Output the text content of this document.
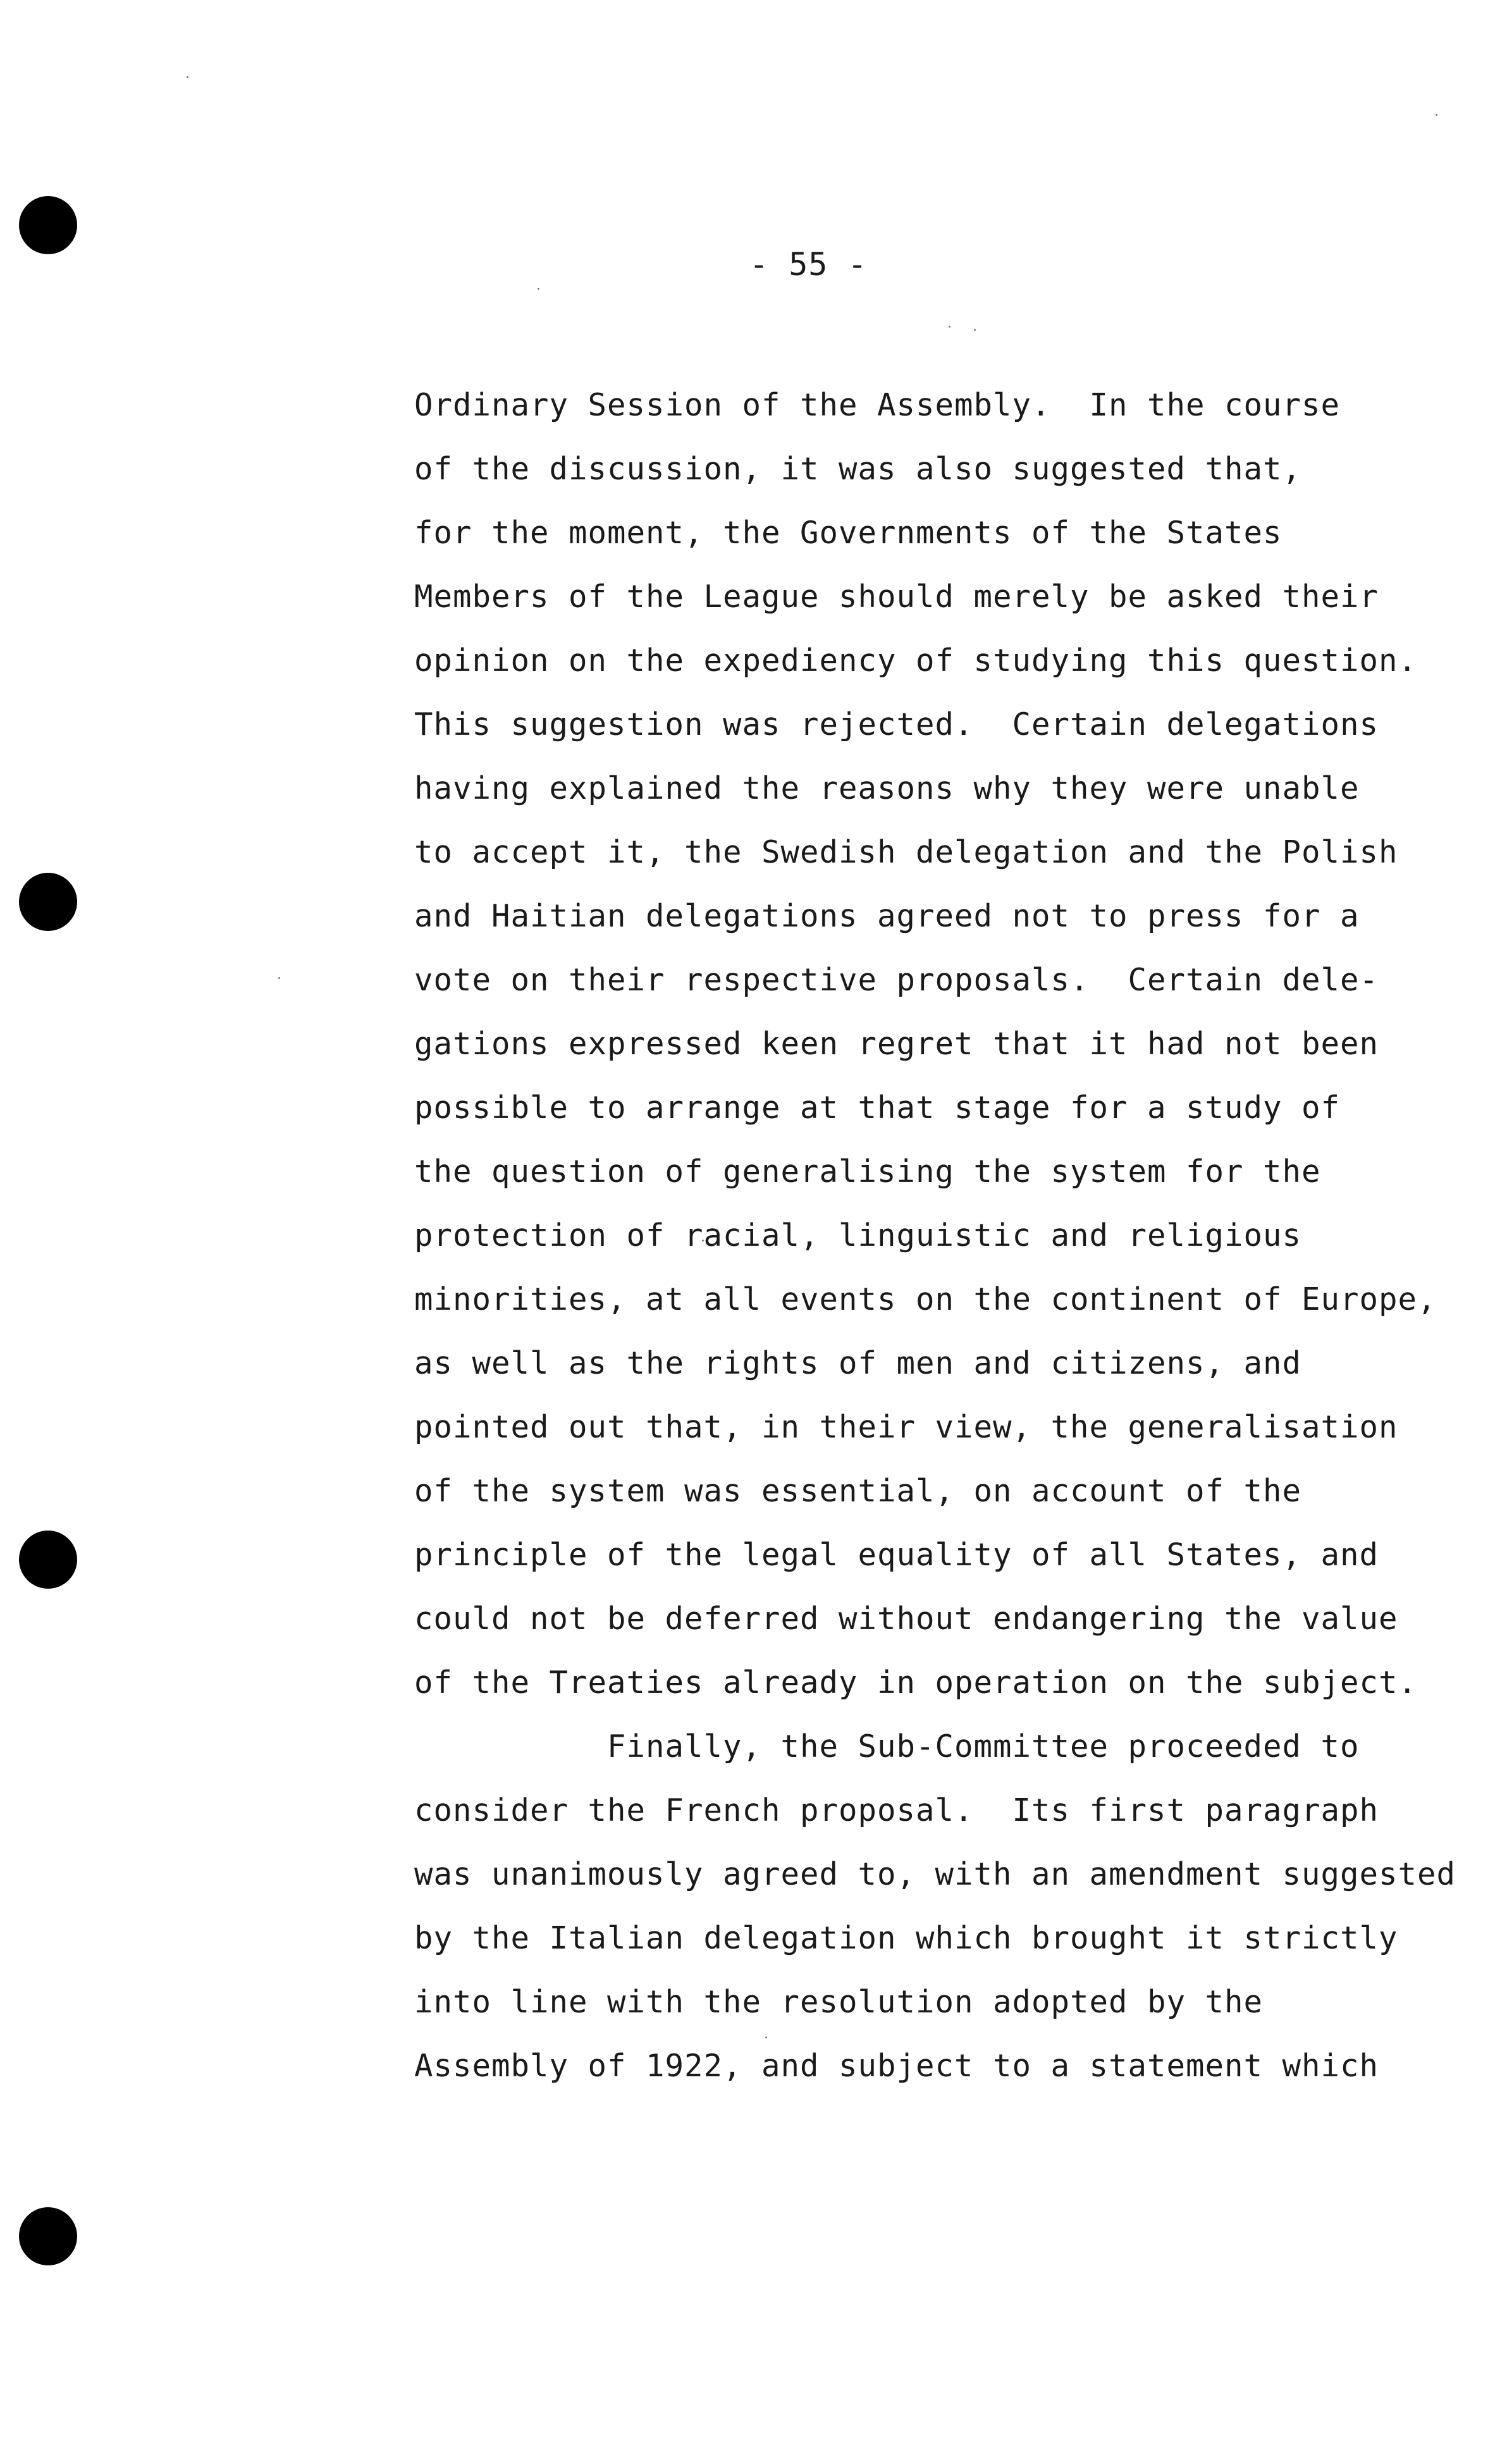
- 55 -
Ordinary Session of the Assembly.  In the course
of the discussion, it was also suggested that,
for the moment, the Governments of the States
Members of the League should merely be asked their
opinion on the expediency of studying this question.
This suggestion was rejected.  Certain delegations
having explained the reasons why they were unable
to accept it, the Swedish delegation and the Polish
and Haitian delegations agreed not to press for a
vote on their respective proposals.  Certain dele-
gations expressed keen regret that it had not been
possible to arrange at that stage for a study of
the question of generalising the system for the
protection of racial, linguistic and religious
minorities, at all events on the continent of Europe,
as well as the rights of men and citizens, and
pointed out that, in their view, the generalisation
of the system was essential, on account of the
principle of the legal equality of all States, and
could not be deferred without endangering the value
of the Treaties already in operation on the subject.
Finally, the Sub-Committee proceeded to
consider the French proposal.  Its first paragraph
was unanimously agreed to, with an amendment suggested
by the Italian delegation which brought it strictly
into line with the resolution adopted by the
Assembly of 1922, and subject to a statement which
